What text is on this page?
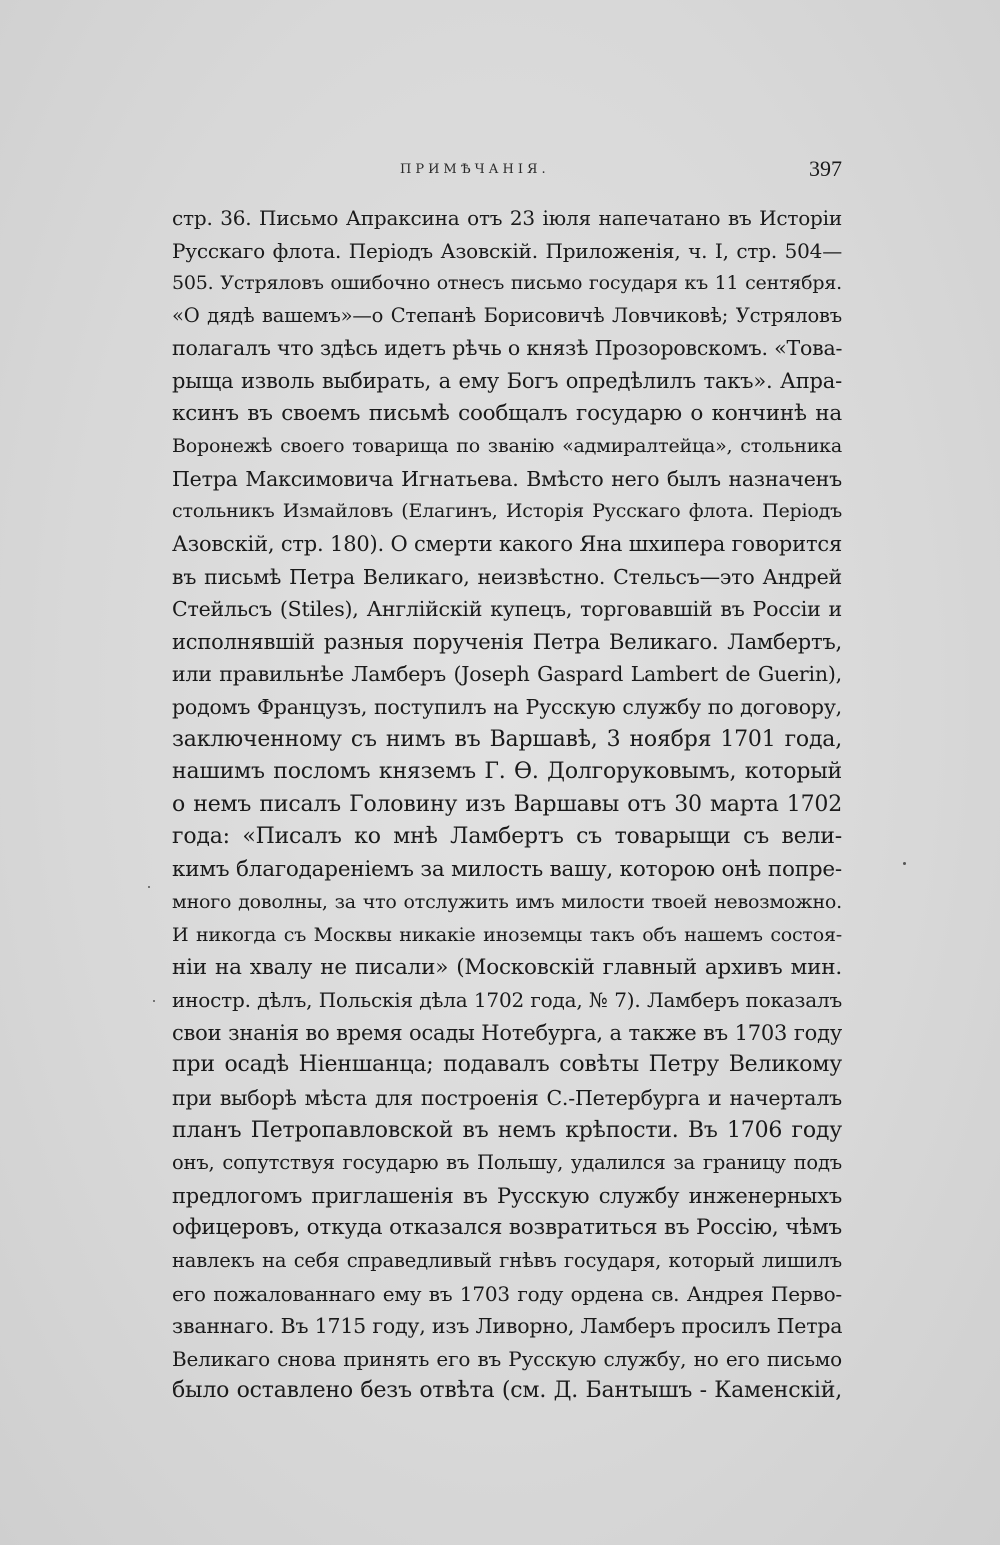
ПРИМѢЧАНІЯ.	397
стр. 36. Письмо Апраксина отъ 23 іюля напечатано въ Исторіи
Русскаго флота. Періодъ Азовскій. Приложенія, ч. I, стр. 504—
505. Устряловъ ошибочно отнесъ письмо государя къ 11 сентября.
«О дядѣ вашемъ»—о Степанѣ Борисовичѣ Ловчиковѣ; Устряловъ
полагалъ что здѣсь идетъ рѣчь о князѣ Прозоровскомъ. «Това-
рыща изволь выбирать, а ему Богъ опредѣлилъ такъ». Апра-
ксинъ въ своемъ письмѣ сообщалъ государю о кончинѣ на
Воронежѣ своего товарища по званію «адмиралтейца», стольника
Петра Максимовича Игнатьева. Вмѣсто него былъ назначенъ
стольникъ Измайловъ (Елагинъ, Исторія Русскаго флота. Періодъ
Азовскій, стр. 180). О смерти какого Яна шхипера говорится
въ письмѣ Петра Великаго, неизвѣстно. Стельсъ—это Андрей
Стейльсъ (Stiles), Англійскій купецъ, торговавшій въ Россіи и
исполнявшій разныя порученія Петра Великаго. Ламбертъ,
или правильнѣе Ламберъ (Joseph Gaspard Lambert de Guerin),
родомъ Французъ, поступилъ на Русскую службу по договору,
заключенному съ нимъ въ Варшавѣ, 3 ноября 1701 года,
нашимъ посломъ княземъ Г. Ѳ. Долгоруковымъ, который
о немъ писалъ Головину изъ Варшавы отъ 30 марта 1702
года: «Писалъ ко мнѣ Ламбертъ съ товарыщи съ вели-
кимъ благодареніемъ за милость вашу, которою онѣ попре-
много доволны, за что отслужить имъ милости твоей невозможно.
И никогда съ Москвы никакіе иноземцы такъ объ нашемъ состоя-
ніи на хвалу не писали» (Московскій главный архивъ мин.
иностр. дѣлъ, Польскія дѣла 1702 года, № 7). Ламберъ показалъ
свои знанія во время осады Нотебурга, а также въ 1703 году
при осадѣ Ніеншанца; подавалъ совѣты Петру Великому
при выборѣ мѣста для построенія С.-Петербурга и начерталъ
планъ Петропавловской въ немъ крѣпости. Въ 1706 году
онъ, сопутствуя государю въ Польшу, удалился за границу подъ
предлогомъ приглашенія въ Русскую службу инженерныхъ
офицеровъ, откуда отказался возвратиться въ Россію, чѣмъ
навлекъ на себя справедливый гнѣвъ государя, который лишилъ
его пожалованнаго ему въ 1703 году ордена св. Андрея Перво-
званнаго. Въ 1715 году, изъ Ливорно, Ламберъ просилъ Петра
Великаго снова принять его въ Русскую службу, но его письмо
было оставлено безъ отвѣта (см. Д. Бантышъ - Каменскій,
